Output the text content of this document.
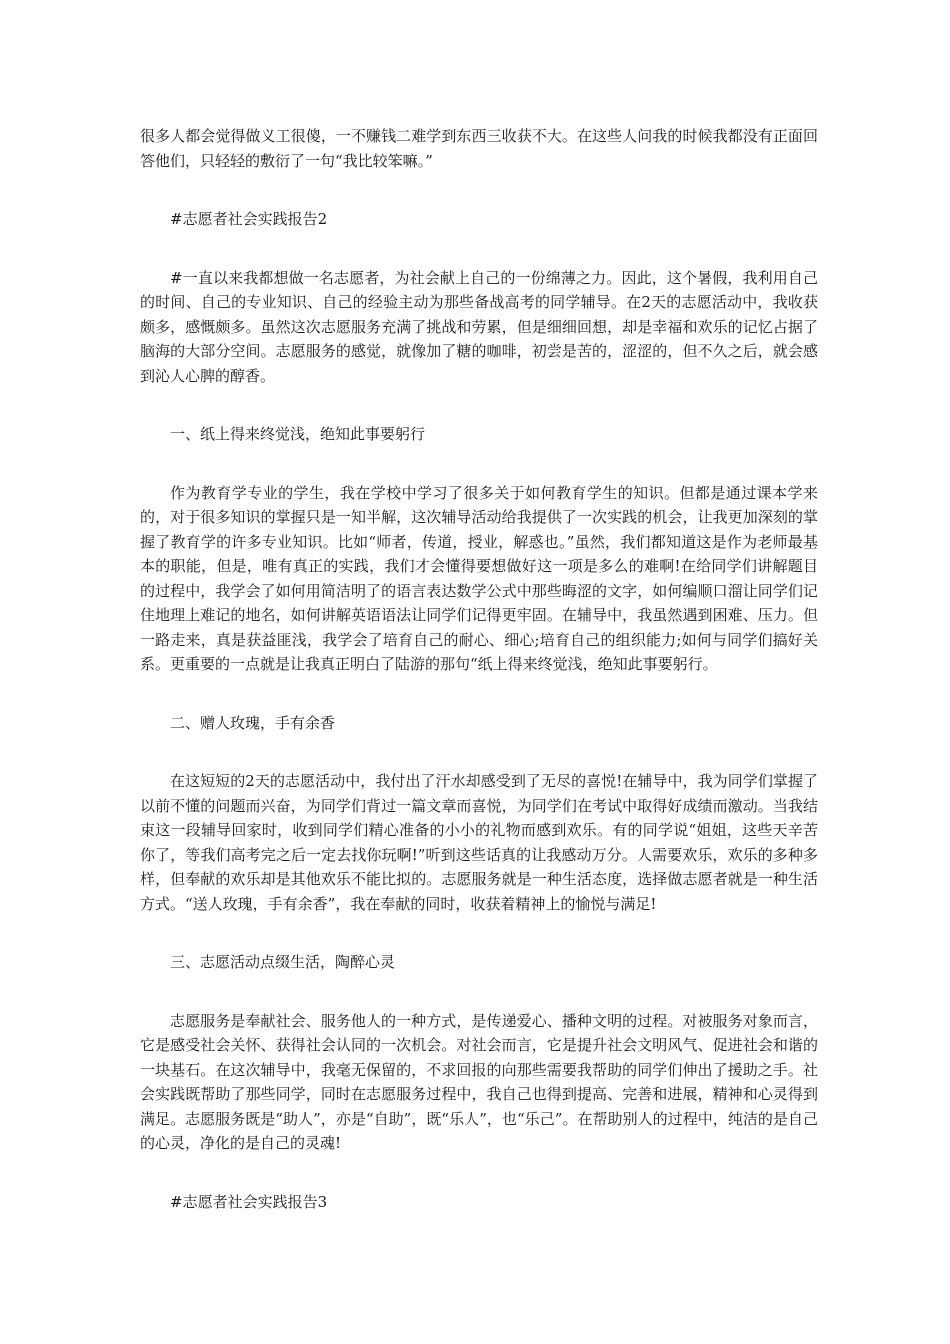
很多人都会觉得做义工很傻，一不赚钱二难学到东西三收获不大。在这些人问我的时候我都没有正面回答他们，只轻轻的敷衍了一句“我比较笨嘛。”

#志愿者社会实践报告2

#一直以来我都想做一名志愿者，为社会献上自己的一份绵薄之力。因此，这个暑假，我利用自己的时间、自己的专业知识、自己的经验主动为那些备战高考的同学辅导。在2天的志愿活动中，我收获颇多，感慨颇多。虽然这次志愿服务充满了挑战和劳累，但是细细回想，却是幸福和欢乐的记忆占据了脑海的大部分空间。志愿服务的感觉，就像加了糖的咖啡，初尝是苦的，涩涩的，但不久之后，就会感到沁人心脾的醇香。

一、纸上得来终觉浅，绝知此事要躬行

作为教育学专业的学生，我在学校中学习了很多关于如何教育学生的知识。但都是通过课本学来的，对于很多知识的掌握只是一知半解，这次辅导活动给我提供了一次实践的机会，让我更加深刻的掌握了教育学的许多专业知识。比如“师者，传道，授业，解惑也。”虽然，我们都知道这是作为老师最基本的职能，但是，唯有真正的实践，我们才会懂得要想做好这一项是多么的难啊!在给同学们讲解题目的过程中，我学会了如何用简洁明了的语言表达数学公式中那些晦涩的文字，如何编顺口溜让同学们记住地理上难记的地名，如何讲解英语语法让同学们记得更牢固。在辅导中，我虽然遇到困难、压力。但一路走来，真是获益匪浅，我学会了培育自己的耐心、细心;培育自己的组织能力;如何与同学们搞好关系。更重要的一点就是让我真正明白了陆游的那句“纸上得来终觉浅，绝知此事要躬行。

二、赠人玫瑰，手有余香

在这短短的2天的志愿活动中，我付出了汗水却感受到了无尽的喜悦!在辅导中，我为同学们掌握了以前不懂的问题而兴奋，为同学们背过一篇文章而喜悦，为同学们在考试中取得好成绩而激动。当我结束这一段辅导回家时，收到同学们精心准备的小小的礼物而感到欢乐。有的同学说“姐姐，这些天辛苦你了，等我们高考完之后一定去找你玩啊!”听到这些话真的让我感动万分。人需要欢乐，欢乐的多种多样，但奉献的欢乐却是其他欢乐不能比拟的。志愿服务就是一种生活态度，选择做志愿者就是一种生活方式。“送人玫瑰，手有余香”，我在奉献的同时，收获着精神上的愉悦与满足!

三、志愿活动点缀生活，陶醉心灵

志愿服务是奉献社会、服务他人的一种方式，是传递爱心、播种文明的过程。对被服务对象而言，它是感受社会关怀、获得社会认同的一次机会。对社会而言，它是提升社会文明风气、促进社会和谐的一块基石。在这次辅导中，我毫无保留的，不求回报的向那些需要我帮助的同学们伸出了援助之手。社会实践既帮助了那些同学，同时在志愿服务过程中，我自己也得到提高、完善和进展，精神和心灵得到满足。志愿服务既是“助人”，亦是“自助”，既“乐人”，也“乐己”。在帮助别人的过程中，纯洁的是自己的心灵，净化的是自己的灵魂!

#志愿者社会实践报告3
